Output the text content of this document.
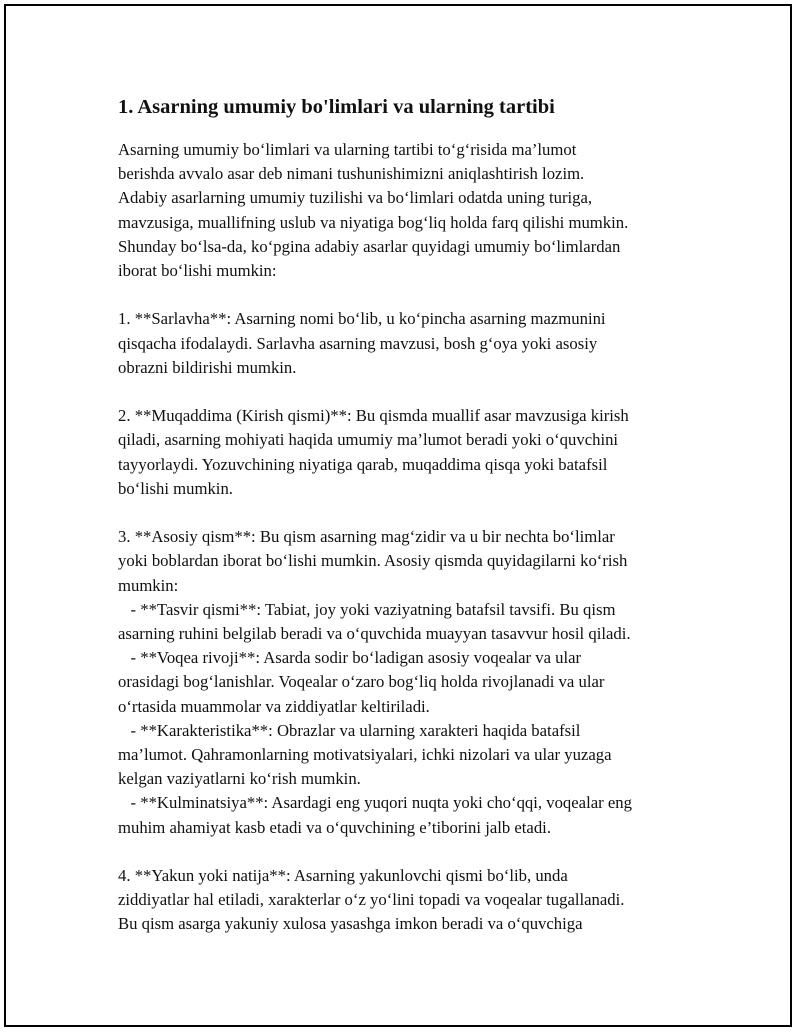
1. Asarning umumiy bo'limlari va ularning tartibi

Asarning umumiy bo‘limlari va ularning tartibi to‘g‘risida ma’lumot
berishda avvalo asar deb nimani tushunishimizni aniqlashtirish lozim.
Adabiy asarlarning umumiy tuzilishi va bo‘limlari odatda uning turiga,
mavzusiga, muallifning uslub va niyatiga bog‘liq holda farq qilishi mumkin.
Shunday bo‘lsa-da, ko‘pgina adabiy asarlar quyidagi umumiy bo‘limlardan
iborat bo‘lishi mumkin:

1. **Sarlavha**: Asarning nomi bo‘lib, u ko‘pincha asarning mazmunini
qisqacha ifodalaydi. Sarlavha asarning mavzusi, bosh g‘oya yoki asosiy
obrazni bildirishi mumkin.

2. **Muqaddima (Kirish qismi)**: Bu qismda muallif asar mavzusiga kirish
qiladi, asarning mohiyati haqida umumiy ma’lumot beradi yoki o‘quvchini
tayyorlaydi. Yozuvchining niyatiga qarab, muqaddima qisqa yoki batafsil
bo‘lishi mumkin.

3. **Asosiy qism**: Bu qism asarning mag‘zidir va u bir nechta bo‘limlar
yoki boblardan iborat bo‘lishi mumkin. Asosiy qismda quyidagilarni ko‘rish
mumkin:
- **Tasvir qismi**: Tabiat, joy yoki vaziyatning batafsil tavsifi. Bu qism
asarning ruhini belgilab beradi va o‘quvchida muayyan tasavvur hosil qiladi.
- **Voqea rivoji**: Asarda sodir bo‘ladigan asosiy voqealar va ular
orasidagi bog‘lanishlar. Voqealar o‘zaro bog‘liq holda rivojlanadi va ular
o‘rtasida muammolar va ziddiyatlar keltiriladi.
- **Karakteristika**: Obrazlar va ularning xarakteri haqida batafsil
ma’lumot. Qahramonlarning motivatsiyalari, ichki nizolari va ular yuzaga
kelgan vaziyatlarni ko‘rish mumkin.
- **Kulminatsiya**: Asardagi eng yuqori nuqta yoki cho‘qqi, voqealar eng
muhim ahamiyat kasb etadi va o‘quvchining e’tiborini jalb etadi.

4. **Yakun yoki natija**: Asarning yakunlovchi qismi bo‘lib, unda
ziddiyatlar hal etiladi, xarakterlar o‘z yo‘lini topadi va voqealar tugallanadi.
Bu qism asarga yakuniy xulosa yasashga imkon beradi va o‘quvchiga
